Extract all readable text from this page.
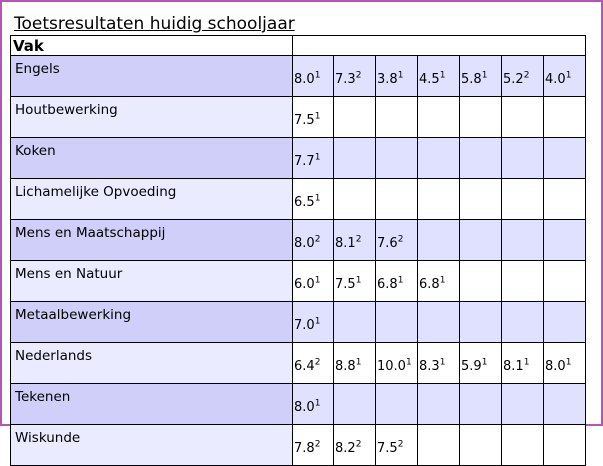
Toetsresultaten huidig schooljaar
Vak							
Engels	$8.0^1$	$7.3^2$	$3.8^1$	$4.5^1$	$5.8^1$	$5.2^2$	$4.0^1$
Houtbewerking	$7.5^1$						
Koken	$7.7^1$						
Lichamelijke Opvoeding	$6.5^1$						
Mens en Maatschappij	$8.0^2$	$8.1^2$	$7.6^2$				
Mens en Natuur	$6.0^1$	$7.5^1$	$6.8^1$	$6.8^1$			
Metaalbewerking	$7.0^1$						
Nederlands	$6.4^2$	$8.8^1$	10.0$^1$	$8.3^1$	$5.9^1$	$8.1^1$	$8.0^1$
Tekenen	$8.0^1$						
Wiskunde	$7.8^2$	$8.2^2$	$7.5^2$				
